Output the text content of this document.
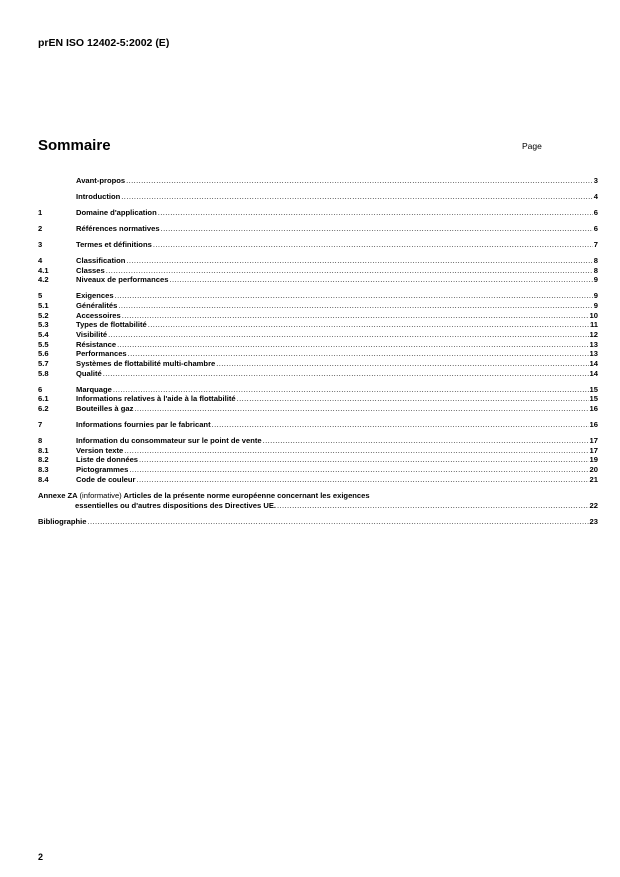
prEN ISO 12402-5:2002 (E)
Sommaire	Page
Avant-propos .....	3
Introduction .....	4
1	Domaine d'application .....	6
2	Références normatives .....	6
3	Termes et définitions .....	7
4	Classification .....	8
4.1	Classes .....	8
4.2	Niveaux de performances .....	9
5	Exigences .....	9
5.1	Généralités .....	9
5.2	Accessoires .....	10
5.3	Types de flottabilité .....	11
5.4	Visibilité .....	12
5.5	Résistance .....	13
5.6	Performances .....	13
5.7	Systèmes de flottabilité multi-chambre .....	14
5.8	Qualité .....	14
6	Marquage .....	15
6.1	Informations relatives à l'aide à la flottabilité .....	15
6.2	Bouteilles à gaz .....	16
7	Informations fournies par le fabricant .....	16
8	Information du consommateur sur le point de vente .....	17
8.1	Version texte .....	17
8.2	Liste de données .....	19
8.3	Pictogrammes .....	20
8.4	Code de couleur .....	21
Annexe ZA (informative) Articles de la présente norme européenne concernant les exigences
essentielles ou d'autres dispositions des Directives UE. .....	22
Bibliographie .....	23
2
